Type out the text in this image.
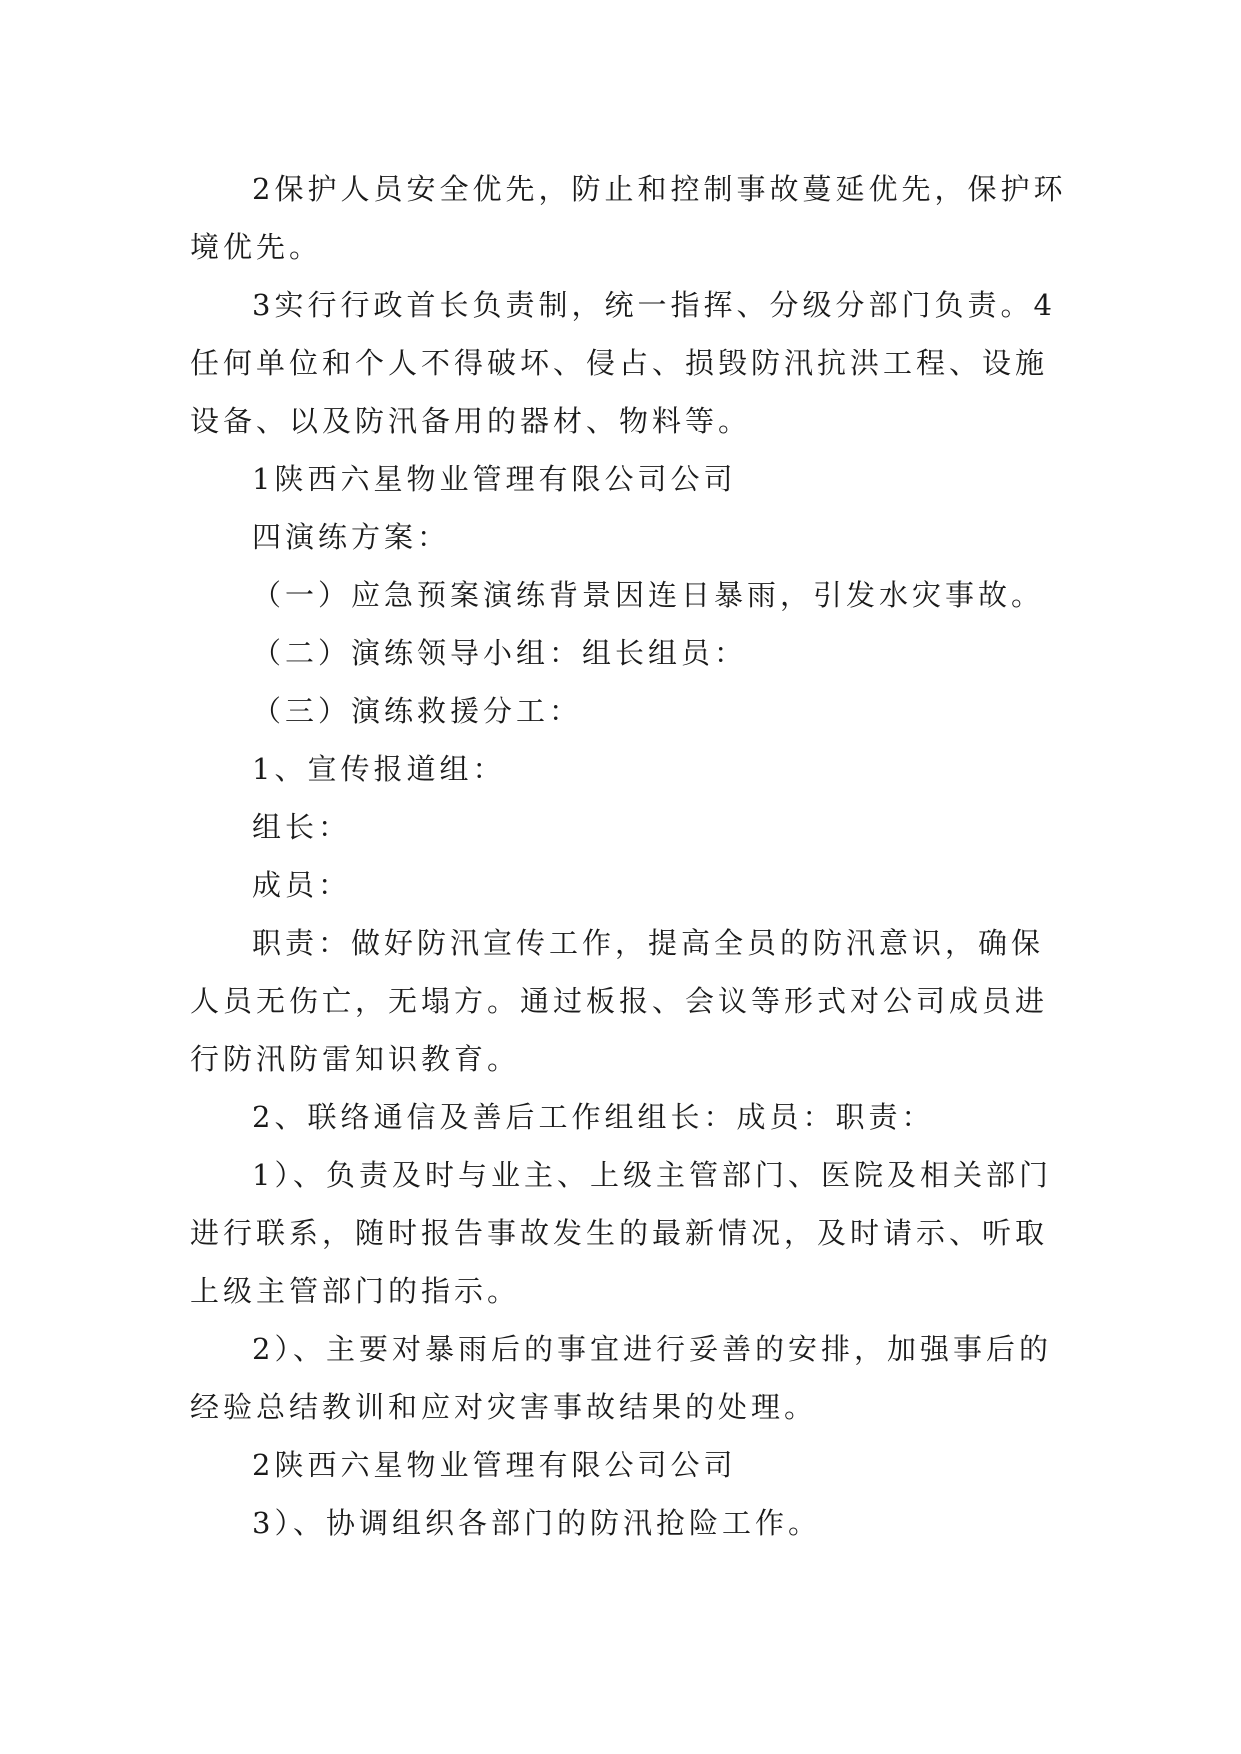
2保护人员安全优先，防止和控制事故蔓延优先，保护环境优先。

3实行行政首长负责制，统一指挥、分级分部门负责。4任何单位和个人不得破坏、侵占、损毁防汛抗洪工程、设施设备、以及防汛备用的器材、物料等。

1陕西六星物业管理有限公司公司

四演练方案：

（一）应急预案演练背景因连日暴雨，引发水灾事故。

（二）演练领导小组：组长组员：

（三）演练救援分工：

1、宣传报道组：

组长：

成员：

职责：做好防汛宣传工作，提高全员的防汛意识，确保人员无伤亡，无塌方。通过板报、会议等形式对公司成员进行防汛防雷知识教育。

2、联络通信及善后工作组组长：成员：职责：

1）、负责及时与业主、上级主管部门、医院及相关部门进行联系，随时报告事故发生的最新情况，及时请示、听取上级主管部门的指示。

2）、主要对暴雨后的事宜进行妥善的安排，加强事后的经验总结教训和应对灾害事故结果的处理。

2陕西六星物业管理有限公司公司

3）、协调组织各部门的防汛抢险工作。
